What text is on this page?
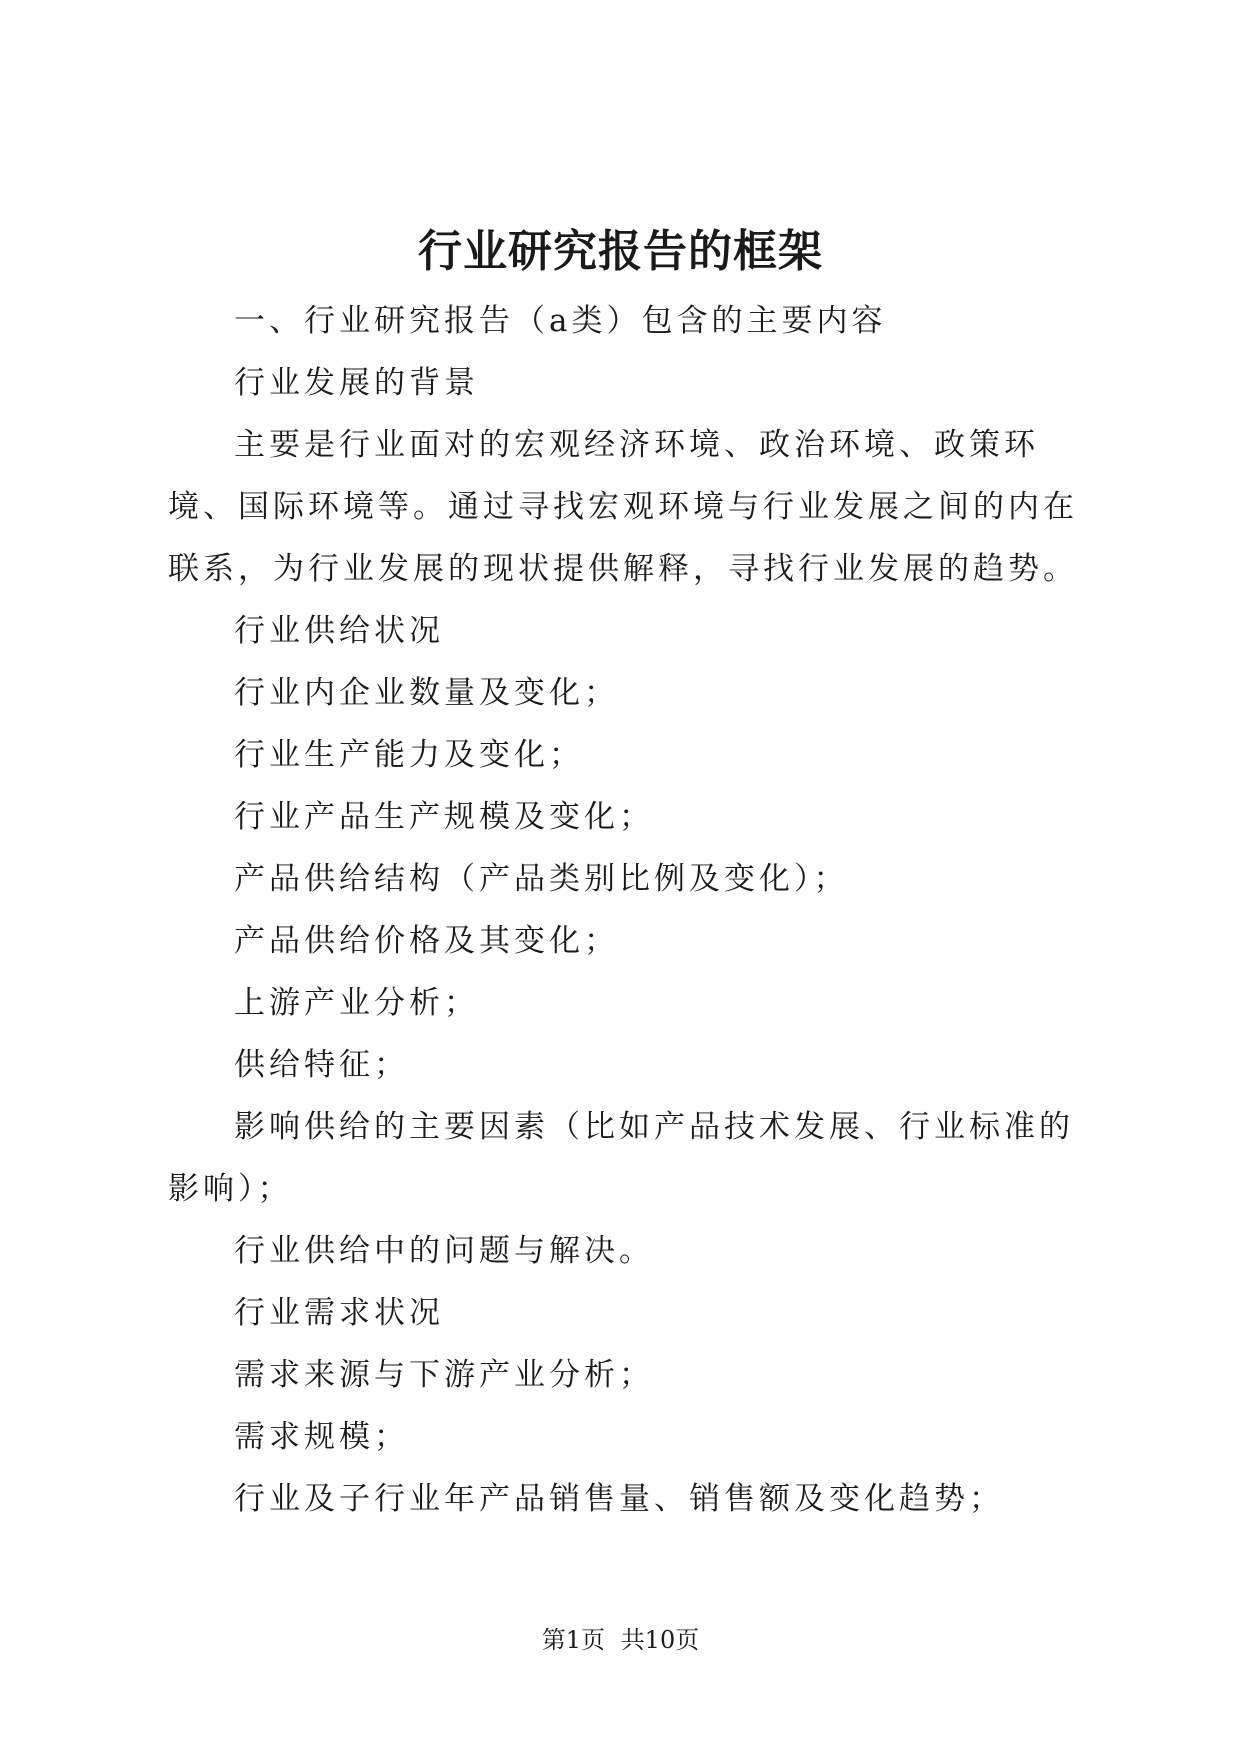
行业研究报告的框架

一、行业研究报告（a类）包含的主要内容

行业发展的背景

主要是行业面对的宏观经济环境、政治环境、政策环境、国际环境等。通过寻找宏观环境与行业发展之间的内在联系，为行业发展的现状提供解释，寻找行业发展的趋势。

行业供给状况

行业内企业数量及变化；

行业生产能力及变化；

行业产品生产规模及变化；

产品供给结构（产品类别比例及变化）；

产品供给价格及其变化；

上游产业分析；

供给特征；

影响供给的主要因素（比如产品技术发展、行业标准的影响）；

行业供给中的问题与解决。

行业需求状况

需求来源与下游产业分析；

需求规模；

行业及子行业年产品销售量、销售额及变化趋势；

第1页 共10页
